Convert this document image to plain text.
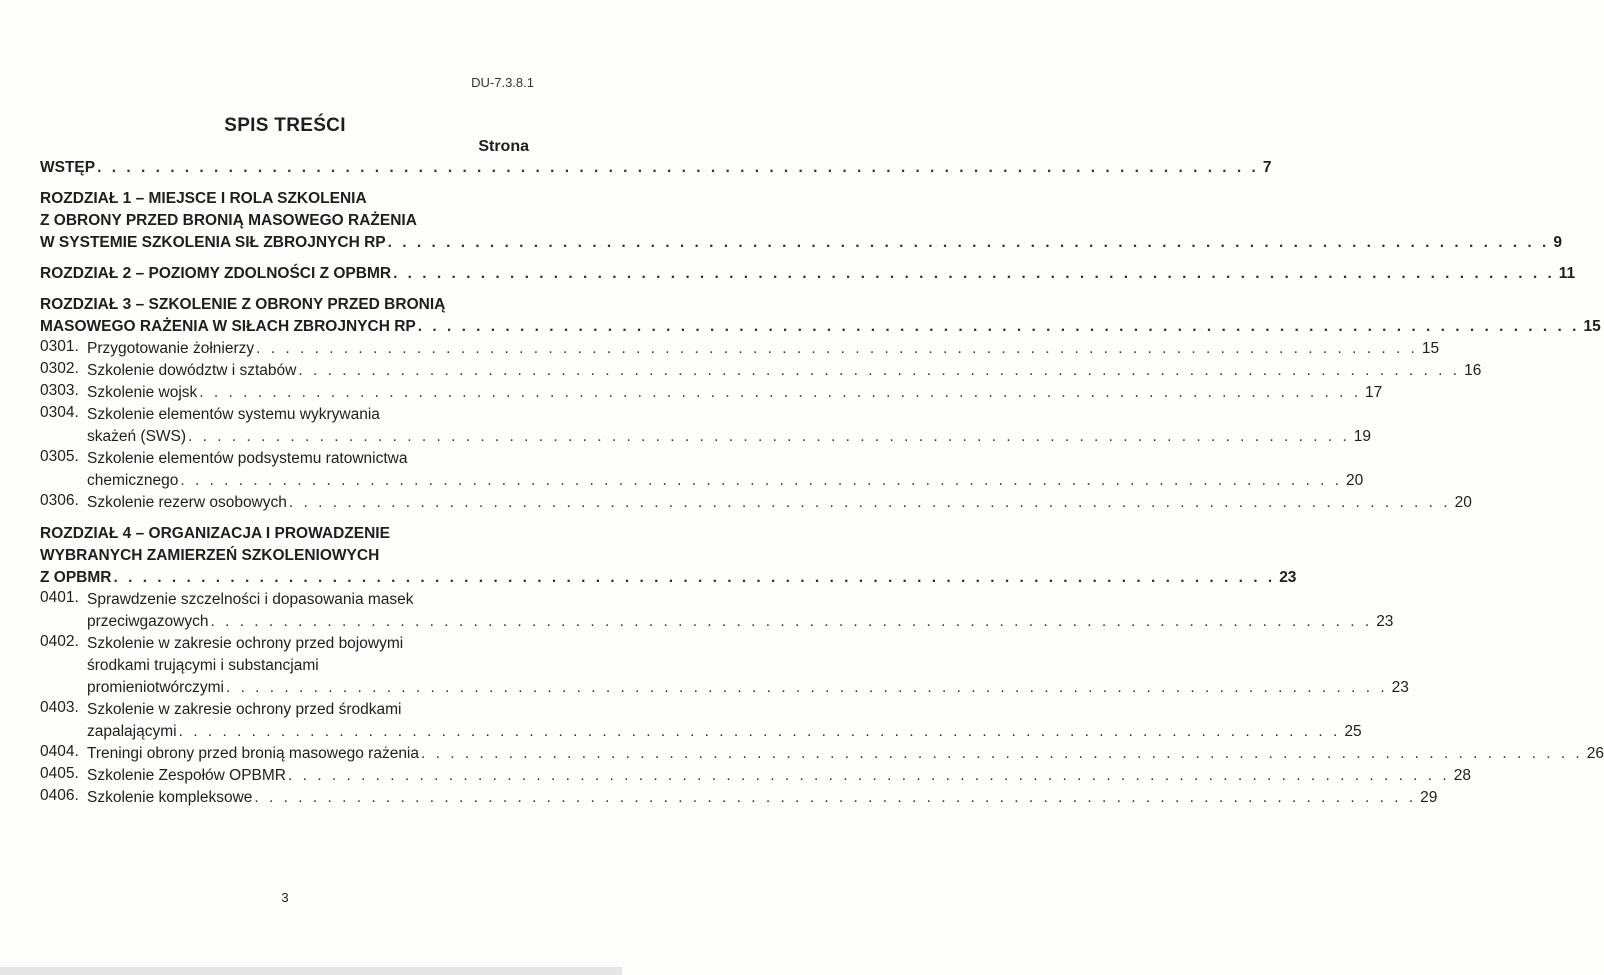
DU-7.3.8.1
SPIS TREŚCI
Strona
WSTĘP . . . . . . . . . . . . . . . . . . . . . . . . . . . . . . . . . . . . . . . . . . . . . . . . . . . . . . . . . . . . . . . . . . . . . . . . . . . . . . . . 7
ROZDZIAŁ 1 – MIEJSCE I ROLA SZKOLENIA
Z OBRONY PRZED BRONIĄ MASOWEGO RAŻENIA
W SYSTEMIE SZKOLENIA SIŁ ZBROJNYCH RP . . . . . . . . . . . . . . . . . . . . . . . . . . . . . . . . . . . . . . . . . . . . . . . . . . . . . . . . . . . . . . . . . . . . . . . . . . . . . . . . 9
ROZDZIAŁ 2 – POZIOMY ZDOLNOŚCI Z OPBMR . . . . . . . . . . . . . . . . . . . . . . . . . . . . . . . . . . . . . . . . . . . . . . . . . . . . . . . . . . . . . . . . . . . . . . . . . . . . . . . . 11
ROZDZIAŁ 3 – SZKOLENIE Z OBRONY PRZED BRONIĄ
MASOWEGO RAŻENIA W SIŁACH ZBROJNYCH RP . . . . . . . . . . . . . . . . . . . . . . . . . . . . . . . . . . . . . . . . . . . . . . . . . . . . . . . . . . . . . . . . . . . . . . . . . . . . . . . . 15
0301. Przygotowanie żołnierzy . . . . . . . . . . . . . . . . . . . . . . . . . . . . . . . . . . . . . . . . . . . . . . . . . . . . . . . . . . . . . . . . . . . . . . . . . . . . . . . . 15
0302. Szkolenie dowództw i sztabów . . . . . . . . . . . . . . . . . . . . . . . . . . . . . . . . . . . . . . . . . . . . . . . . . . . . . . . . . . . . . . . . . . . . . . . . . . . . . . . . 16
0303. Szkolenie wojsk . . . . . . . . . . . . . . . . . . . . . . . . . . . . . . . . . . . . . . . . . . . . . . . . . . . . . . . . . . . . . . . . . . . . . . . . . . . . . . . . 17
0304. Szkolenie elementów systemu wykrywania
skażeń (SWS) . . . . . . . . . . . . . . . . . . . . . . . . . . . . . . . . . . . . . . . . . . . . . . . . . . . . . . . . . . . . . . . . . . . . . . . . . . . . . . . . 19
0305. Szkolenie elementów podsystemu ratownictwa
chemicznego . . . . . . . . . . . . . . . . . . . . . . . . . . . . . . . . . . . . . . . . . . . . . . . . . . . . . . . . . . . . . . . . . . . . . . . . . . . . . . . . 20
0306. Szkolenie rezerw osobowych . . . . . . . . . . . . . . . . . . . . . . . . . . . . . . . . . . . . . . . . . . . . . . . . . . . . . . . . . . . . . . . . . . . . . . . . . . . . . . . . 20
ROZDZIAŁ 4 – ORGANIZACJA I PROWADZENIE
WYBRANYCH ZAMIERZEŃ SZKOLENIOWYCH
Z OPBMR . . . . . . . . . . . . . . . . . . . . . . . . . . . . . . . . . . . . . . . . . . . . . . . . . . . . . . . . . . . . . . . . . . . . . . . . . . . . . . . . 23
0401. Sprawdzenie szczelności i dopasowania masek
przeciwgazowych . . . . . . . . . . . . . . . . . . . . . . . . . . . . . . . . . . . . . . . . . . . . . . . . . . . . . . . . . . . . . . . . . . . . . . . . . . . . . . . . 23
0402. Szkolenie w zakresie ochrony przed bojowymi
środkami trującymi i substancjami
promieniotwórczymi . . . . . . . . . . . . . . . . . . . . . . . . . . . . . . . . . . . . . . . . . . . . . . . . . . . . . . . . . . . . . . . . . . . . . . . . . . . . . . . . 23
0403. Szkolenie w zakresie ochrony przed środkami
zapalającymi . . . . . . . . . . . . . . . . . . . . . . . . . . . . . . . . . . . . . . . . . . . . . . . . . . . . . . . . . . . . . . . . . . . . . . . . . . . . . . . . 25
0404. Treningi obrony przed bronią masowego rażenia . . . . . . . . . . . . . . . . . . . . . . . . . . . . . . . . . . . . . . . . . . . . . . . . . . . . . . . . . . . . . . . . . . . . . . . . . . . . . . . . 26
0405. Szkolenie Zespołów OPBMR . . . . . . . . . . . . . . . . . . . . . . . . . . . . . . . . . . . . . . . . . . . . . . . . . . . . . . . . . . . . . . . . . . . . . . . . . . . . . . . . 28
0406. Szkolenie kompleksowe . . . . . . . . . . . . . . . . . . . . . . . . . . . . . . . . . . . . . . . . . . . . . . . . . . . . . . . . . . . . . . . . . . . . . . . . . . . . . . . . 29
3
